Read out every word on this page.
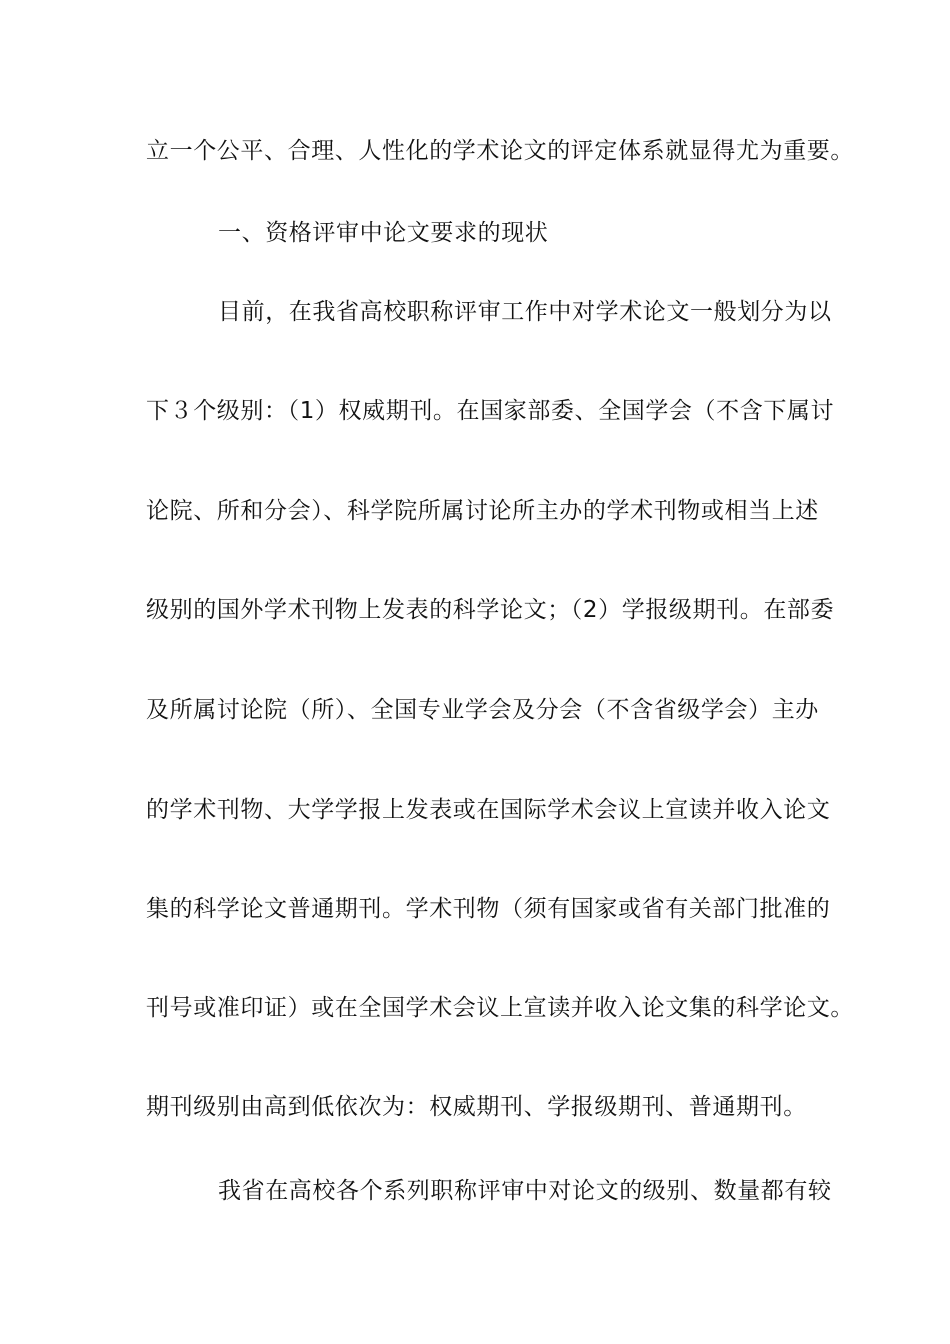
立一个公平、合理、人性化的学术论文的评定体系就显得尤为重要。
一、资格评审中论文要求的现状
目前，在我省高校职称评审工作中对学术论文一般划分为以
下３个级别：（1）权威期刊。在国家部委、全国学会（不含下属讨
论院、所和分会）、科学院所属讨论所主办的学术刊物或相当上述
级别的国外学术刊物上发表的科学论文；（2）学报级期刊。在部委
及所属讨论院（所）、全国专业学会及分会（不含省级学会）主办
的学术刊物、大学学报上发表或在国际学术会议上宣读并收入论文
集的科学论文普通期刊。学术刊物（须有国家或省有关部门批准的
刊号或准印证）或在全国学术会议上宣读并收入论文集的科学论文。
期刊级别由高到低依次为：权威期刊、学报级期刊、普通期刊。
我省在高校各个系列职称评审中对论文的级别、数量都有较
